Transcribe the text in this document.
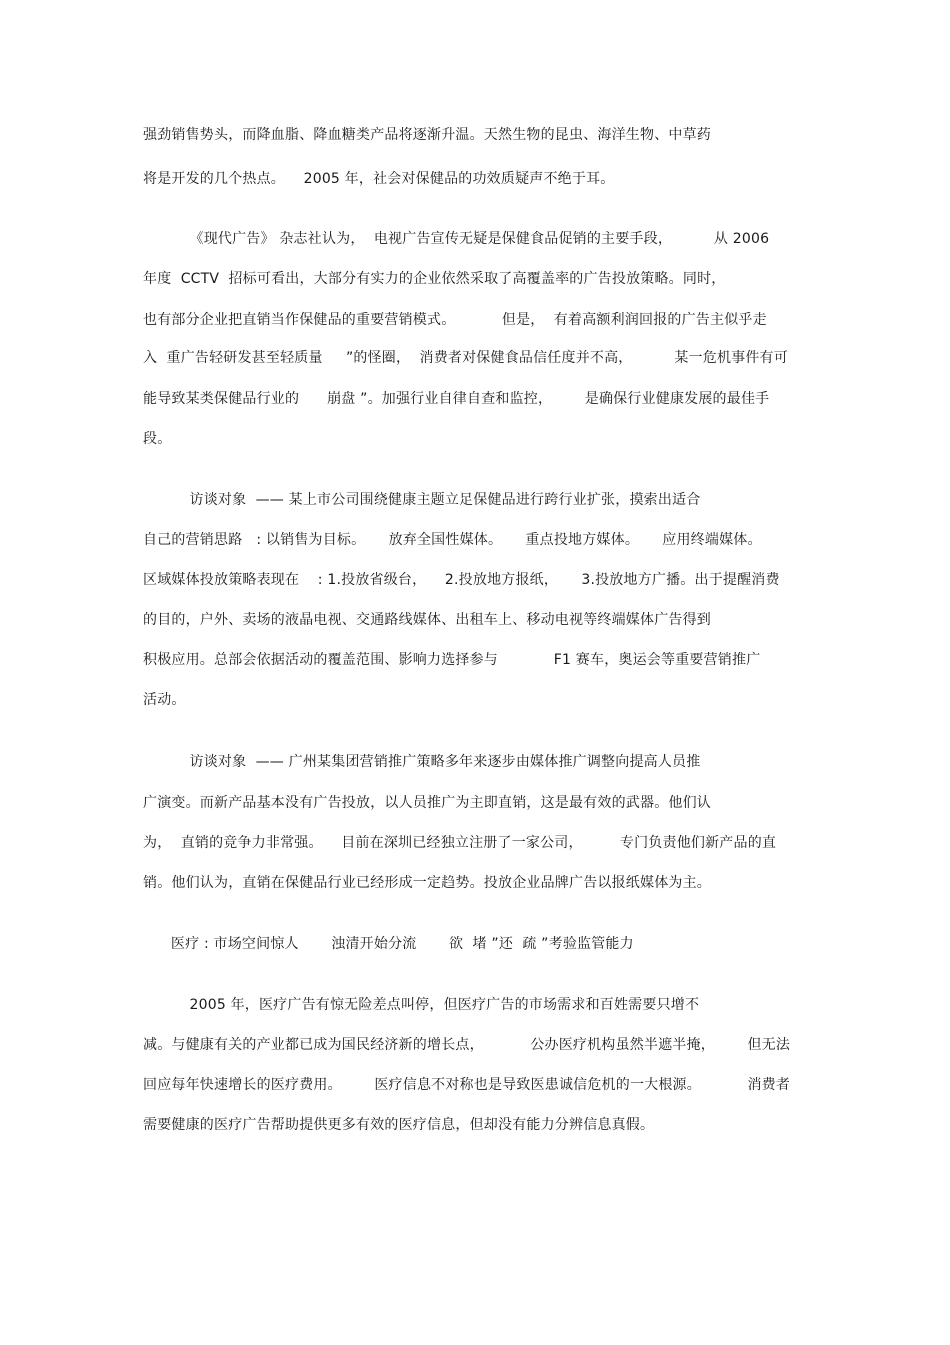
强劲销售势头，而降血脂、降血糖类产品将逐渐升温。天然生物的昆虫、海洋生物、中草药
将是开发的几个热点。    2005 年，社会对保健品的功效质疑声不绝于耳。
《现代广告》 杂志社认为，  电视广告宣传无疑是保健食品促销的主要手段，         从 2006
年度  CCTV  招标可看出，大部分有实力的企业依然采取了高覆盖率的广告投放策略。同时，
也有部分企业把直销当作保健品的重要营销模式。          但是，  有着高额利润回报的广告主似乎走
入  重广告轻研发甚至轻质量     ”的怪圈，  消费者对保健食品信任度并不高，         某一危机事件有可
能导致某类保健品行业的      崩盘 ”。加强行业自律自查和监控，       是确保行业健康发展的最佳手
段。
访谈对象  —— 某上市公司围绕健康主题立足保健品进行跨行业扩张，摸索出适合
自己的营销思路   : 以销售为目标。     放弃全国性媒体。     重点投地方媒体。     应用终端媒体。
区域媒体投放策略表现在    : 1.投放省级台，    2.投放地方报纸，     3.投放地方广播。出于提醒消费
的目的，户外、卖场的液晶电视、交通路线媒体、出租车上、移动电视等终端媒体广告得到
积极应用。总部会依据活动的覆盖范围、影响力选择参与            F1 赛车，奥运会等重要营销推广
活动。
访谈对象  —— 广州某集团营销推广策略多年来逐步由媒体推广调整向提高人员推
广演变。而新产品基本没有广告投放，以人员推广为主即直销，这是最有效的武器。他们认
为，  直销的竞争力非常强。    目前在深圳已经独立注册了一家公司，        专门负责他们新产品的直
销。他们认为，直销在保健品行业已经形成一定趋势。投放企业品牌广告以报纸媒体为主。
医疗 : 市场空间惊人       浊清开始分流       欲  堵 ”还  疏 ”考验监管能力
2005 年，医疗广告有惊无险差点叫停，但医疗广告的市场需求和百姓需要只增不
减。与健康有关的产业都已成为国民经济新的增长点，          公办医疗机构虽然半遮半掩，       但无法
回应每年快速增长的医疗费用。       医疗信息不对称也是导致医患诚信危机的一大根源。          消费者
需要健康的医疗广告帮助提供更多有效的医疗信息，但却没有能力分辨信息真假。
